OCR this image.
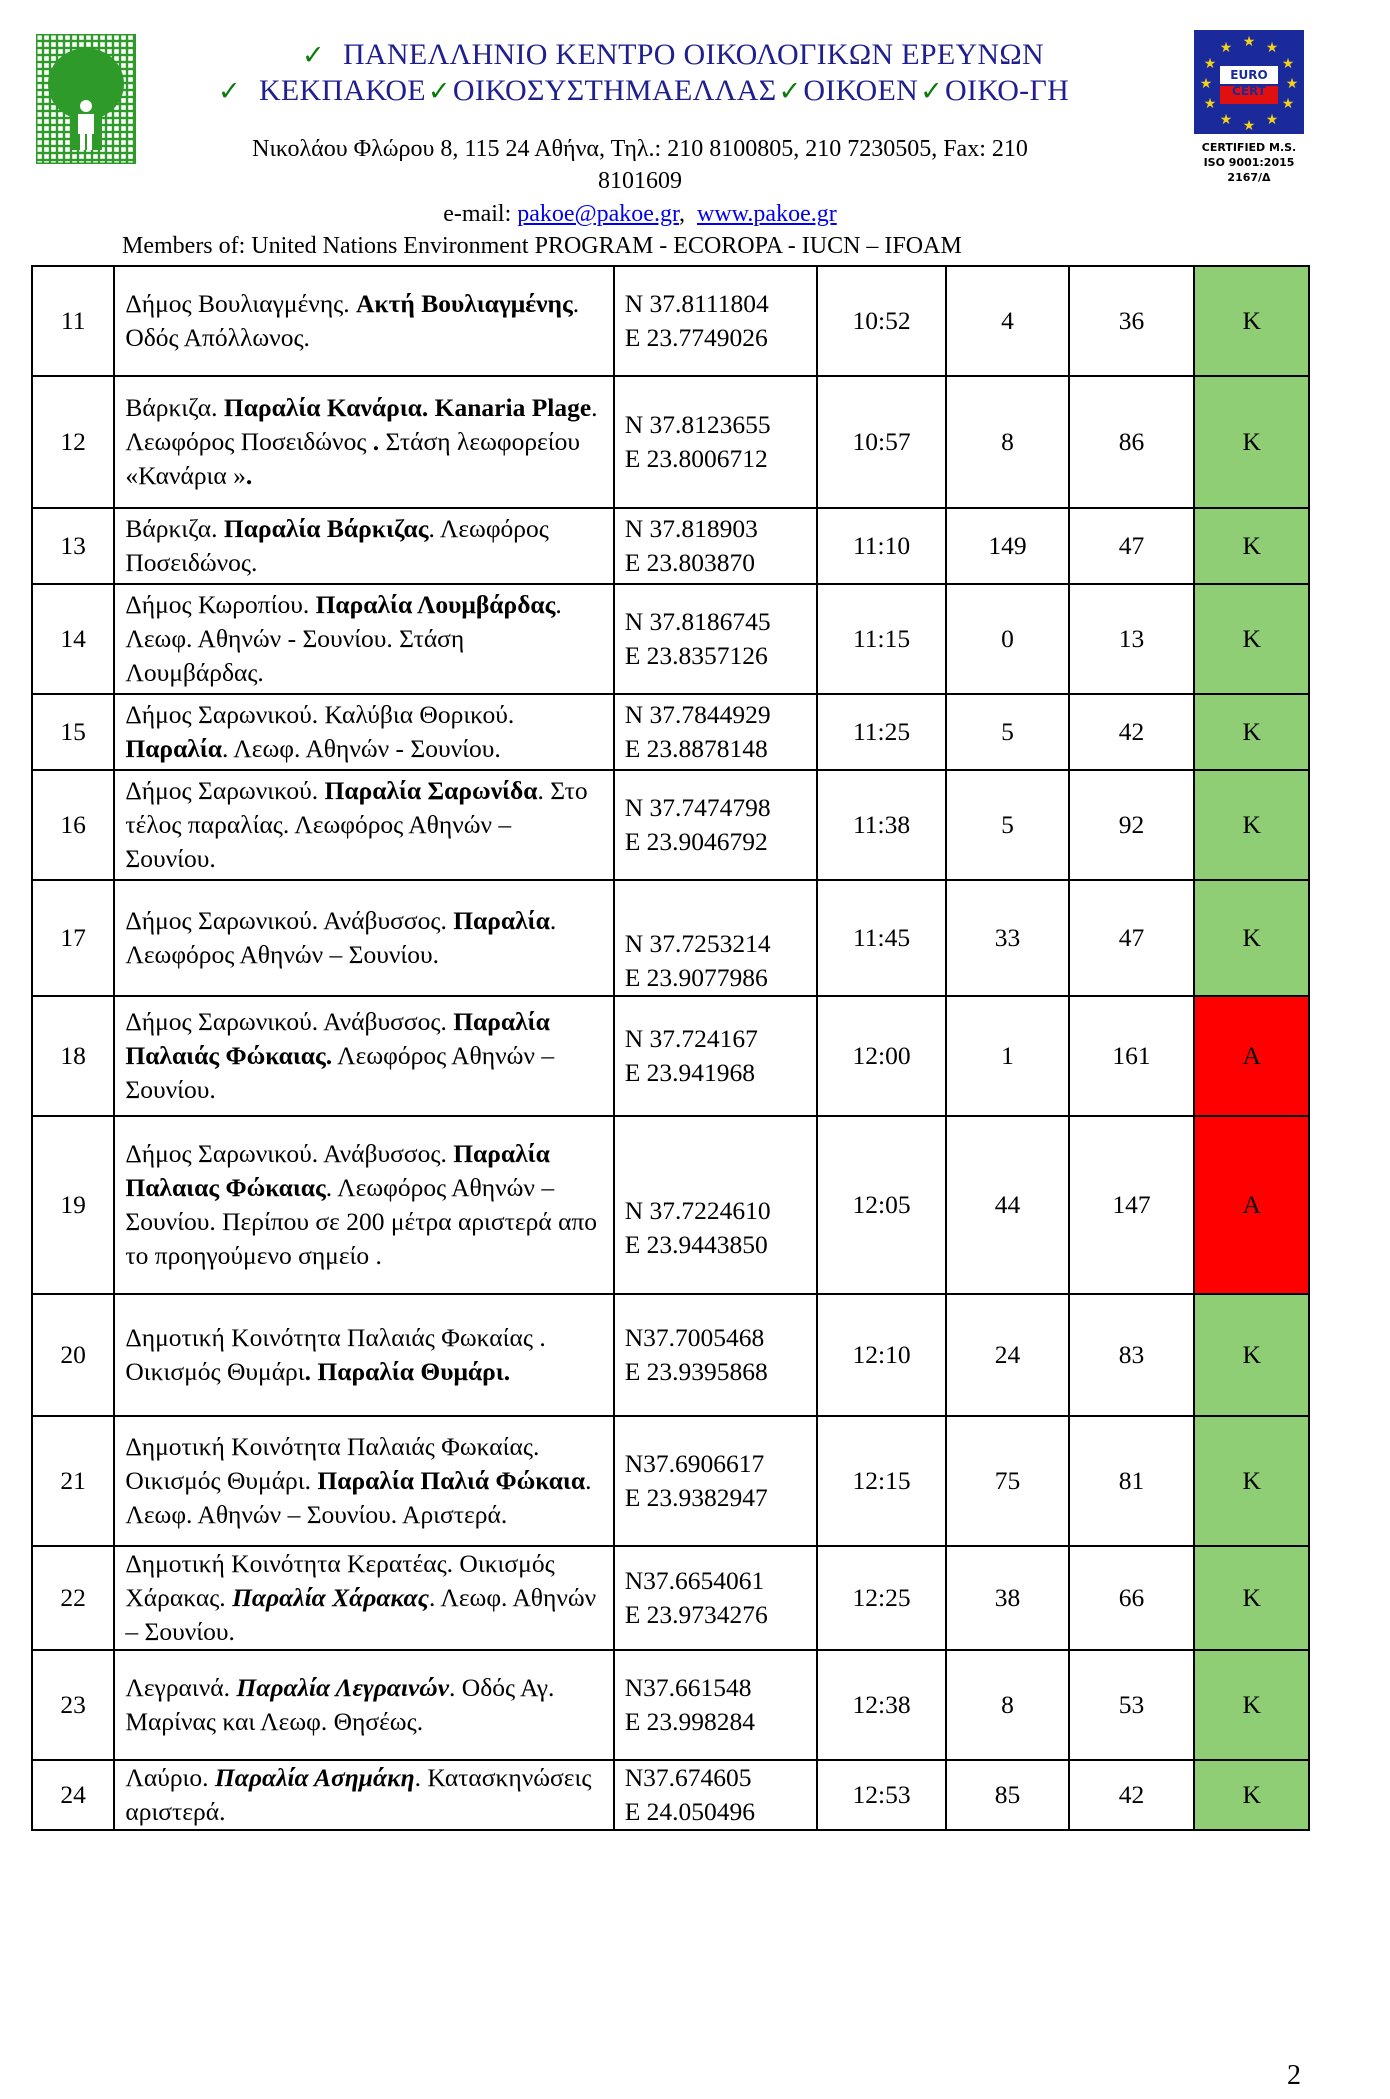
✓ ΠΑΝΕΛΛΗΝΙΟ ΚΕΝΤΡΟ ΟΙΚΟΛΟΓΙΚΩΝ ΕΡΕΥΝΩΝ
✓ ΚΕΚΠΑΚΟΕ✓ΟΙΚΟΣΥΣΤΗΜΑΕΛΛΑΣ✓ΟΙΚΟΕΝ✓ΟΙΚΟ-ΓΗ
Νικολάου Φλώρου 8, 115 24 Αθήνα, Τηλ.: 210 8100805, 210 7230505, Fax: 210
8101609
e-mail: pakoe@pakoe.gr, www.pakoe.gr
Members of: United Nations Environment PROGRAM - ECOROPA - IUCN – IFOAM
★ ★
★
★
★
★
★
★
★
★
★
★
EURO CERT
CERTIFIED M.S.
ISO 9001:2015
2167/Δ
11	Δήμος Βουλιαγμένης. Ακτή Βουλιαγμένης. Οδός Απόλλωνος.	N 37.8111804
E 23.7749026	10:52	4	36	K
12	Βάρκιζα. Παραλία Κανάρια. Kanaria Plage. Λεωφόρος Ποσειδώνος . Στάση λεωφορείου «Κανάρια ».	N 37.8123655
E 23.8006712	10:57	8	86	K
13	Βάρκιζα. Παραλία Βάρκιζας. Λεωφόρος Ποσειδώνος.	N 37.818903
E 23.803870	11:10	149	47	K
14	Δήμος Κωροπίου. Παραλία Λουμβάρδας. Λεωφ. Αθηνών - Σουνίου. Στάση Λουμβάρδας.	N 37.8186745
E 23.8357126	11:15	0	13	K
15	Δήμος Σαρωνικού. Καλύβια Θορικού. Παραλία. Λεωφ. Αθηνών - Σουνίου.	N 37.7844929
E 23.8878148	11:25	5	42	K
16	Δήμος Σαρωνικού. Παραλία Σαρωνίδα. Στο τέλος παραλίας. Λεωφόρος Αθηνών – Σουνίου.	N 37.7474798
E 23.9046792	11:38	5	92	K
17	Δήμος Σαρωνικού. Ανάβυσσος. Παραλία. Λεωφόρος Αθηνών – Σουνίου.	N 37.7253214
E 23.9077986	11:45	33	47	K
18	Δήμος Σαρωνικού. Ανάβυσσος. Παραλία Παλαιάς Φώκαιας. Λεωφόρος Αθηνών – Σουνίου.	N 37.724167
E 23.941968	12:00	1	161	A
19	Δήμος Σαρωνικού. Ανάβυσσος. Παραλία Παλαιας Φώκαιας. Λεωφόρος Αθηνών – Σουνίου. Περίπου σε 200 μέτρα αριστερά απο το προηγούμενο σημείο .	N 37.7224610
E 23.9443850	12:05	44	147	A
20	Δημοτική Κοινότητα Παλαιάς Φωκαίας . Οικισμός Θυμάρι. Παραλία Θυμάρι.	N37.7005468
E 23.9395868	12:10	24	83	K
21	Δημοτική Κοινότητα Παλαιάς Φωκαίας. Οικισμός Θυμάρι. Παραλία Παλιά Φώκαια. Λεωφ. Αθηνών – Σουνίου. Αριστερά.	N37.6906617
E 23.9382947	12:15	75	81	K
22	Δημοτική Κοινότητα Κερατέας. Οικισμός Χάρακας. Παραλία Χάρακας. Λεωφ. Αθηνών – Σουνίου.	N37.6654061
E 23.9734276	12:25	38	66	K
23	Λεγραινά. Παραλία Λεγραινών. Οδός Αγ. Μαρίνας και Λεωφ. Θησέως.	N37.661548
E 23.998284	12:38	8	53	K
24	Λαύριο. Παραλία Ασημάκη. Κατασκηνώσεις αριστερά.	N37.674605
E 24.050496	12:53	85	42	K
2
